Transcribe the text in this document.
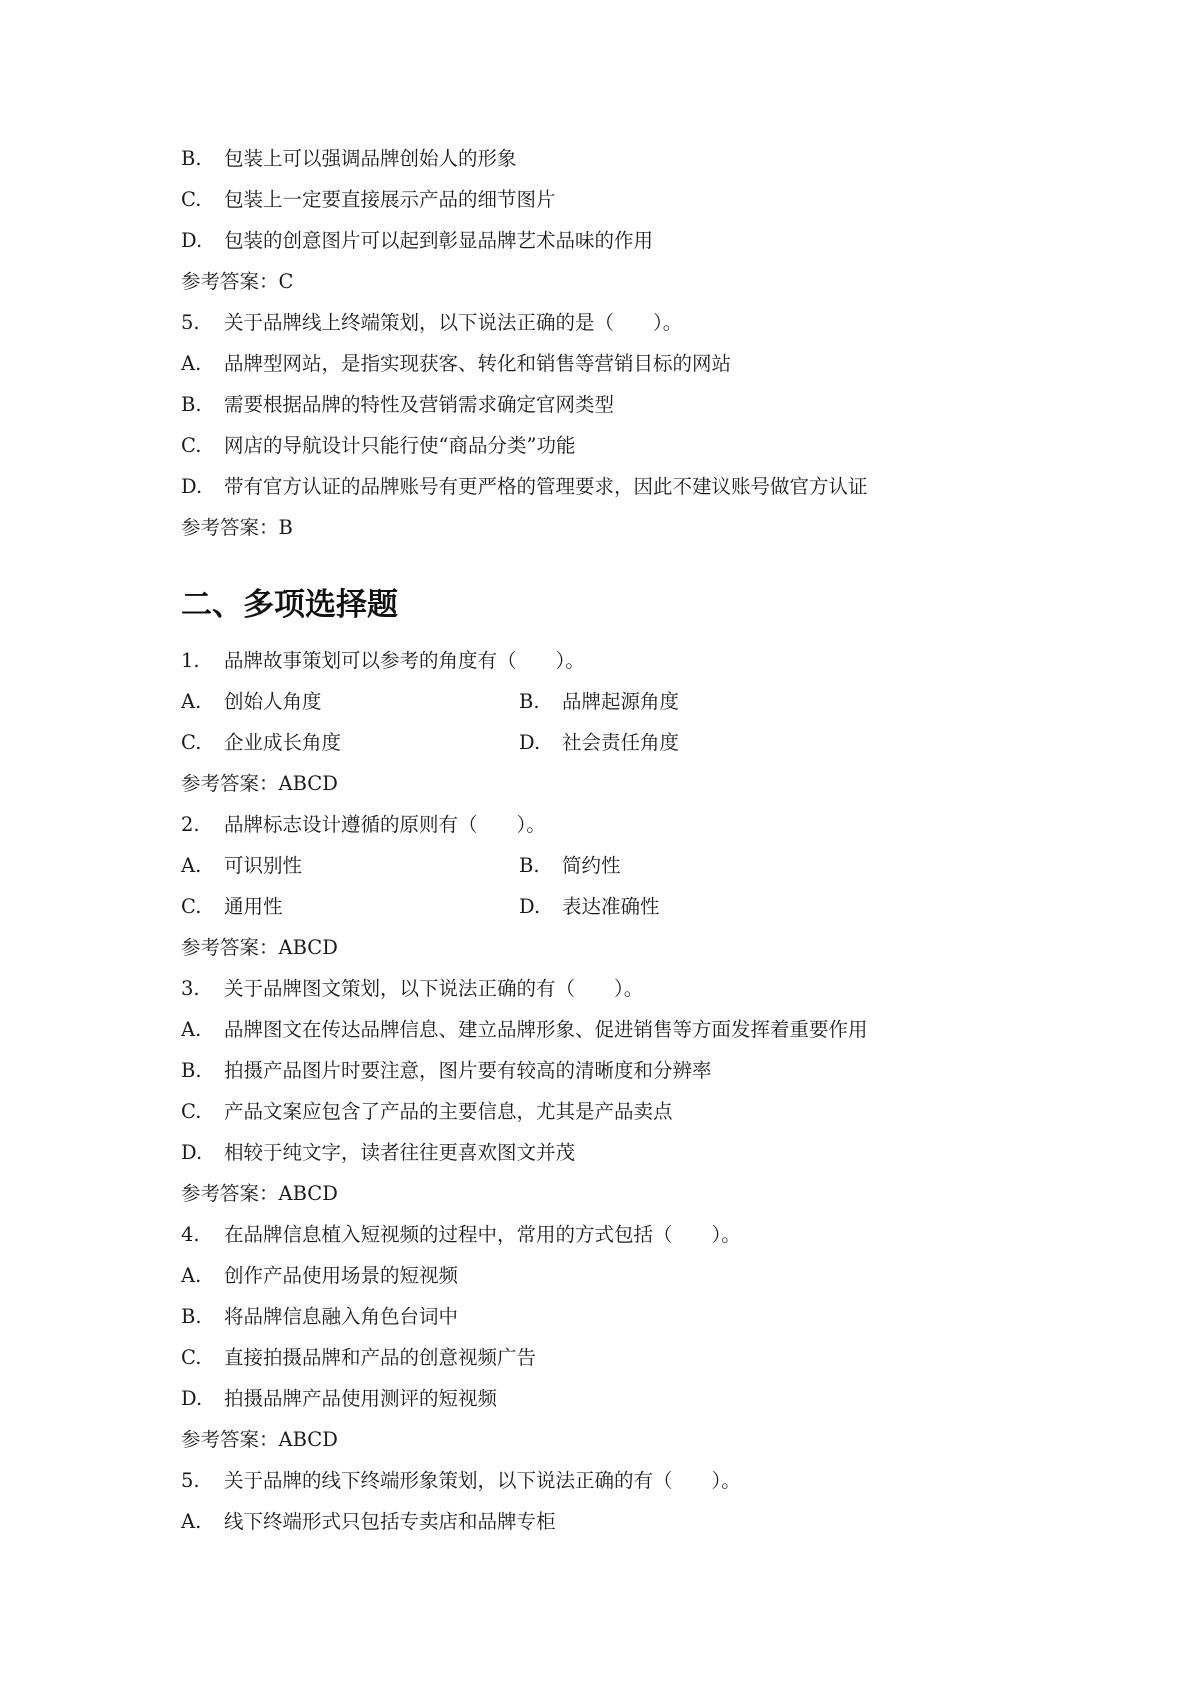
B. 包装上可以强调品牌创始人的形象
C. 包装上一定要直接展示产品的细节图片
D. 包装的创意图片可以起到彰显品牌艺术品味的作用
参考答案：C
5. 关于品牌线上终端策划，以下说法正确的是（　　）。
A. 品牌型网站，是指实现获客、转化和销售等营销目标的网站
B. 需要根据品牌的特性及营销需求确定官网类型
C. 网店的导航设计只能行使“商品分类”功能
D. 带有官方认证的品牌账号有更严格的管理要求，因此不建议账号做官方认证
参考答案：B
二、多项选择题
1. 品牌故事策划可以参考的角度有（　　）。
A. 创始人角度	B. 品牌起源角度
C. 企业成长角度	D. 社会责任角度
参考答案：ABCD
2. 品牌标志设计遵循的原则有（　　）。
A. 可识别性	B. 简约性
C. 通用性	D. 表达准确性
参考答案：ABCD
3. 关于品牌图文策划，以下说法正确的有（　　）。
A. 品牌图文在传达品牌信息、建立品牌形象、促进销售等方面发挥着重要作用
B. 拍摄产品图片时要注意，图片要有较高的清晰度和分辨率
C. 产品文案应包含了产品的主要信息，尤其是产品卖点
D. 相较于纯文字，读者往往更喜欢图文并茂
参考答案：ABCD
4. 在品牌信息植入短视频的过程中，常用的方式包括（　　）。
A. 创作产品使用场景的短视频
B. 将品牌信息融入角色台词中
C. 直接拍摄品牌和产品的创意视频广告
D. 拍摄品牌产品使用测评的短视频
参考答案：ABCD
5. 关于品牌的线下终端形象策划，以下说法正确的有（　　）。
A. 线下终端形式只包括专卖店和品牌专柜
